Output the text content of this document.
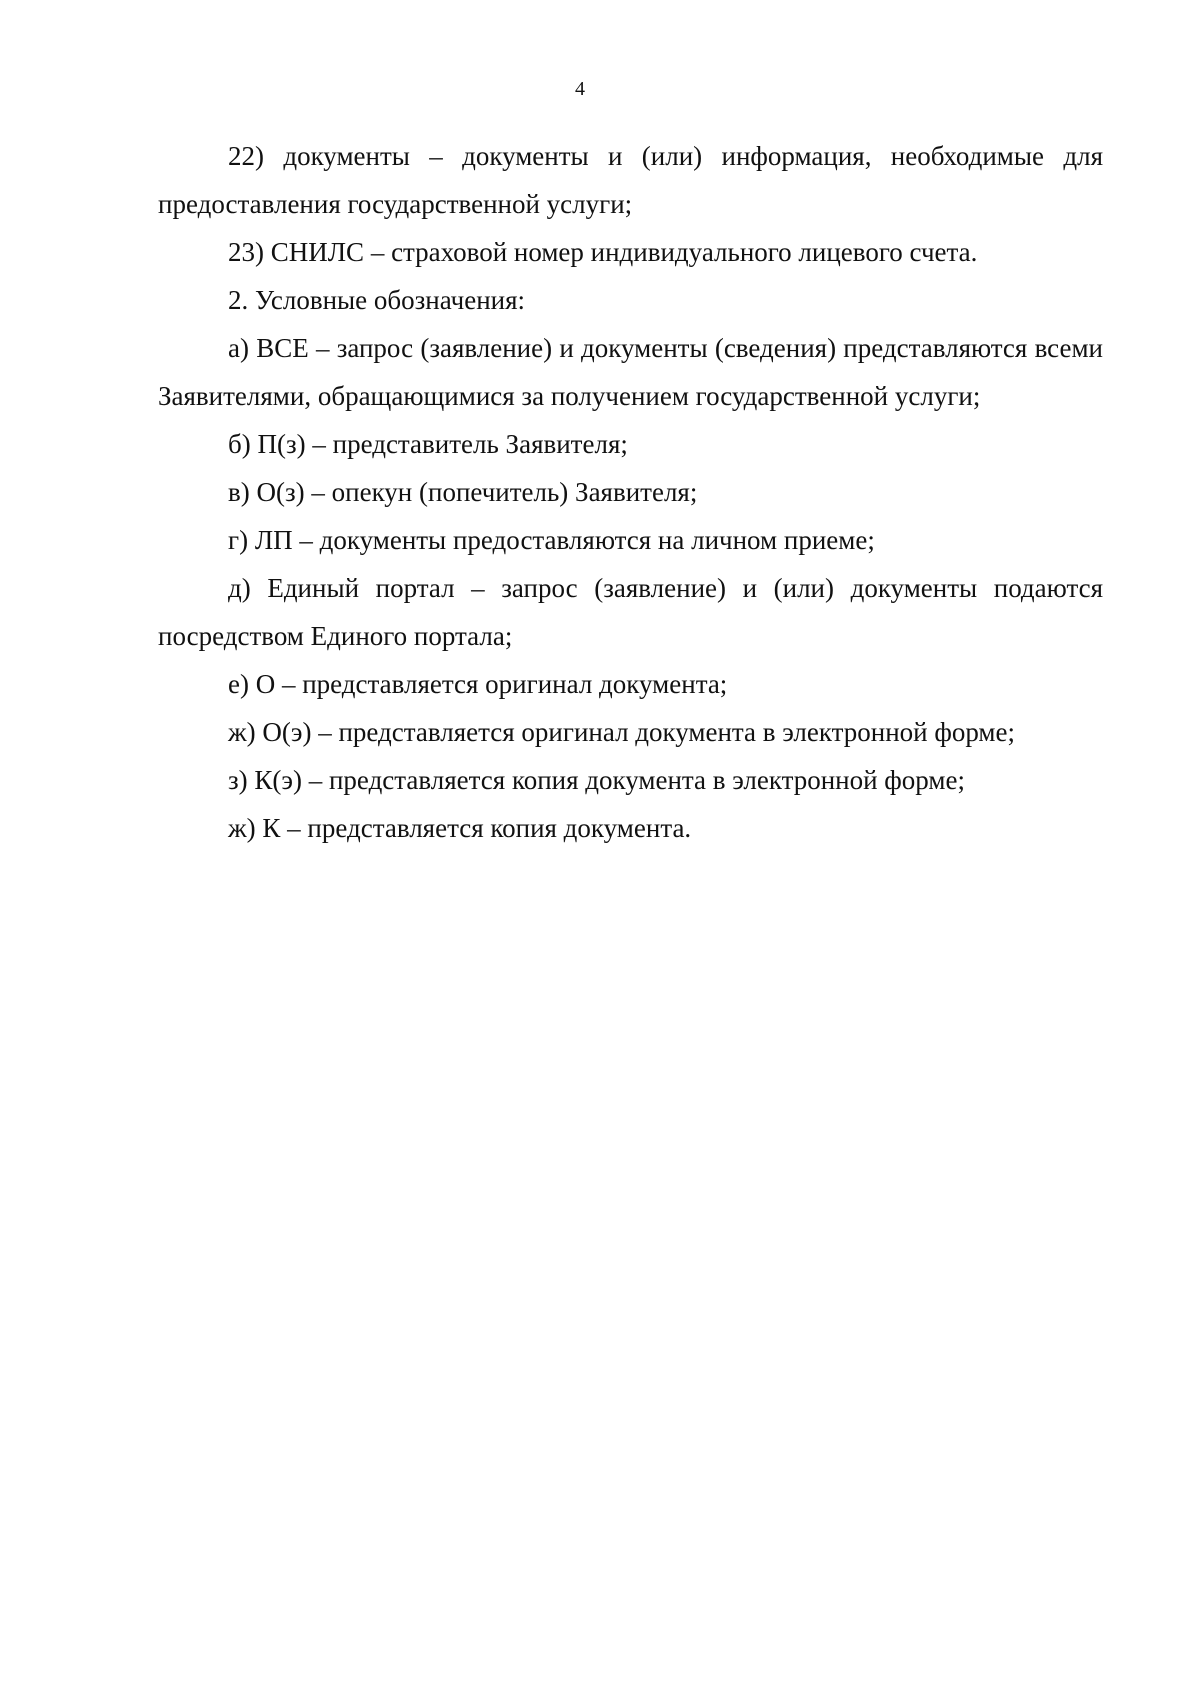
4

22) документы – документы и (или) информация, необходимые для предоставления государственной услуги;

23) СНИЛС – страховой номер индивидуального лицевого счета.

2. Условные обозначения:

а) ВСЕ – запрос (заявление) и документы (сведения) представляются всеми Заявителями, обращающимися за получением государственной услуги;

б) П(з) – представитель Заявителя;

в) О(з) – опекун (попечитель) Заявителя;

г) ЛП – документы предоставляются на личном приеме;

д) Единый портал – запрос (заявление) и (или) документы подаются посредством Единого портала;

е) О – представляется оригинал документа;

ж) О(э) – представляется оригинал документа в электронной форме;

з) К(э) – представляется копия документа в электронной форме;

ж) К – представляется копия документа.
